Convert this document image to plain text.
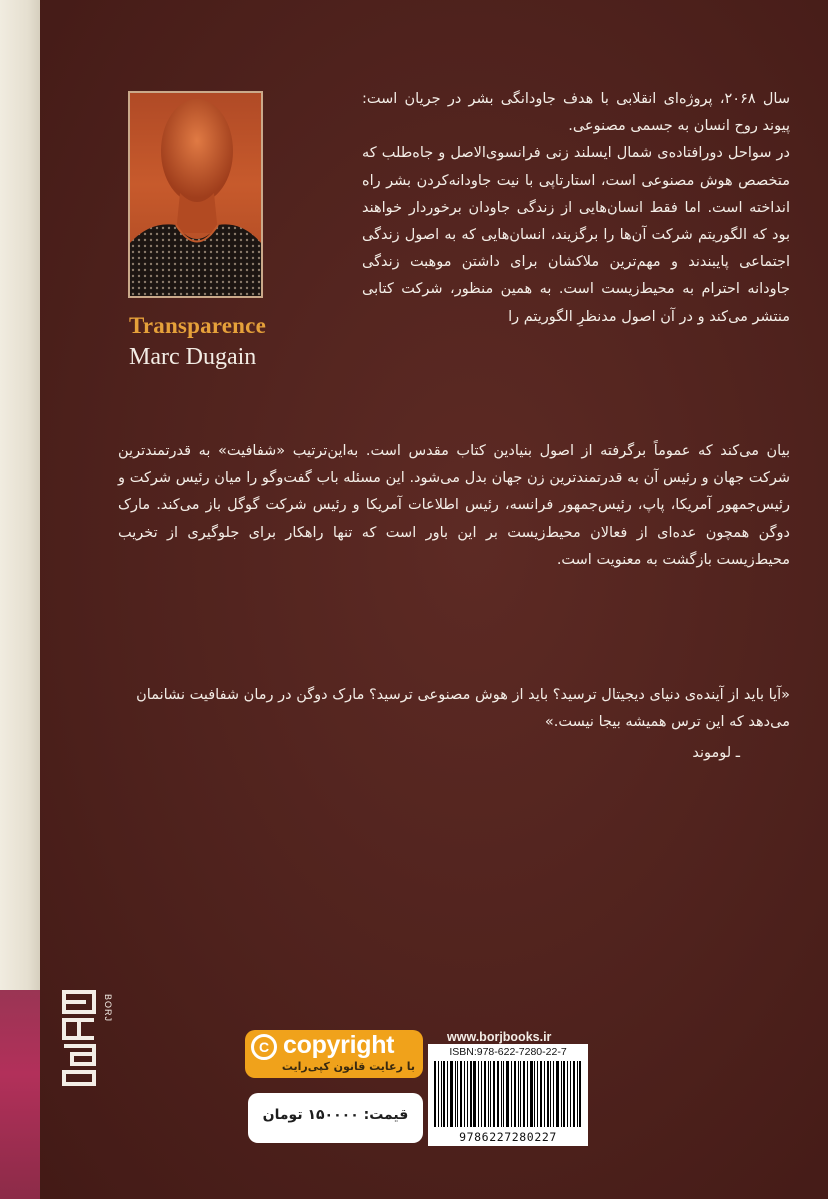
Transparence

Marc Dugain

سال ۲۰۶۸، پروژه‌ای انقلابی با هدف جاودانگی بشر در جریان است: پیوند روح انسان به جسمی مصنوعی.

در سواحل دورافتاده‌ی شمال ایسلند زنی فرانسوی‌الاصل و جاه‌طلب که متخصص هوش مصنوعی است، استارتاپی با نیت جاودانه‌کردن بشر راه انداخته است. اما فقط انسان‌هایی از زندگی جاودان برخوردار خواهند بود که الگوریتم شرکت آن‌ها را برگزیند، انسان‌هایی که به اصول زندگی اجتماعی پایبندند و مهم‌ترین ملاکشان برای داشتن موهبت زندگی جاودانه احترام به محیط‌زیست است. به همین منظور، شرکت کتابی منتشر می‌کند و در آن اصول مدنظرِ الگوریتم را

بیان می‌کند که عموماً برگرفته از اصول بنیادین کتاب مقدس است. به‌این‌ترتیب «شفافیت» به قدرتمندترین شرکت جهان و رئیس آن به قدرتمندترین زن جهان بدل می‌شود. این مسئله باب گفت‌وگو را میان رئیس شرکت و رئیس‌جمهور آمریکا، پاپ، رئیس‌جمهور فرانسه، رئیس اطلاعات آمریکا و رئیس شرکت گوگل باز می‌کند. مارک دوگن همچون عده‌ای از فعالان محیط‌زیست بر این باور است که تنها راهکار برای جلوگیری از تخریب محیط‌زیست بازگشت به معنویت است.

«آیا باید از آینده‌ی دنیای دیجیتال ترسید؟ باید از هوش مصنوعی ترسید؟ مارک دوگن در رمان شفافیت نشانمان می‌دهد که این ترس همیشه بیجا نیست.»

ـ لوموند

BORJ

C copyright

با رعایت قانون کپی‌رایت

قیمت: ۱۵۰۰۰۰ تومان

www.borjbooks.ir

ISBN:978-622-7280-22-7

9786227280227
